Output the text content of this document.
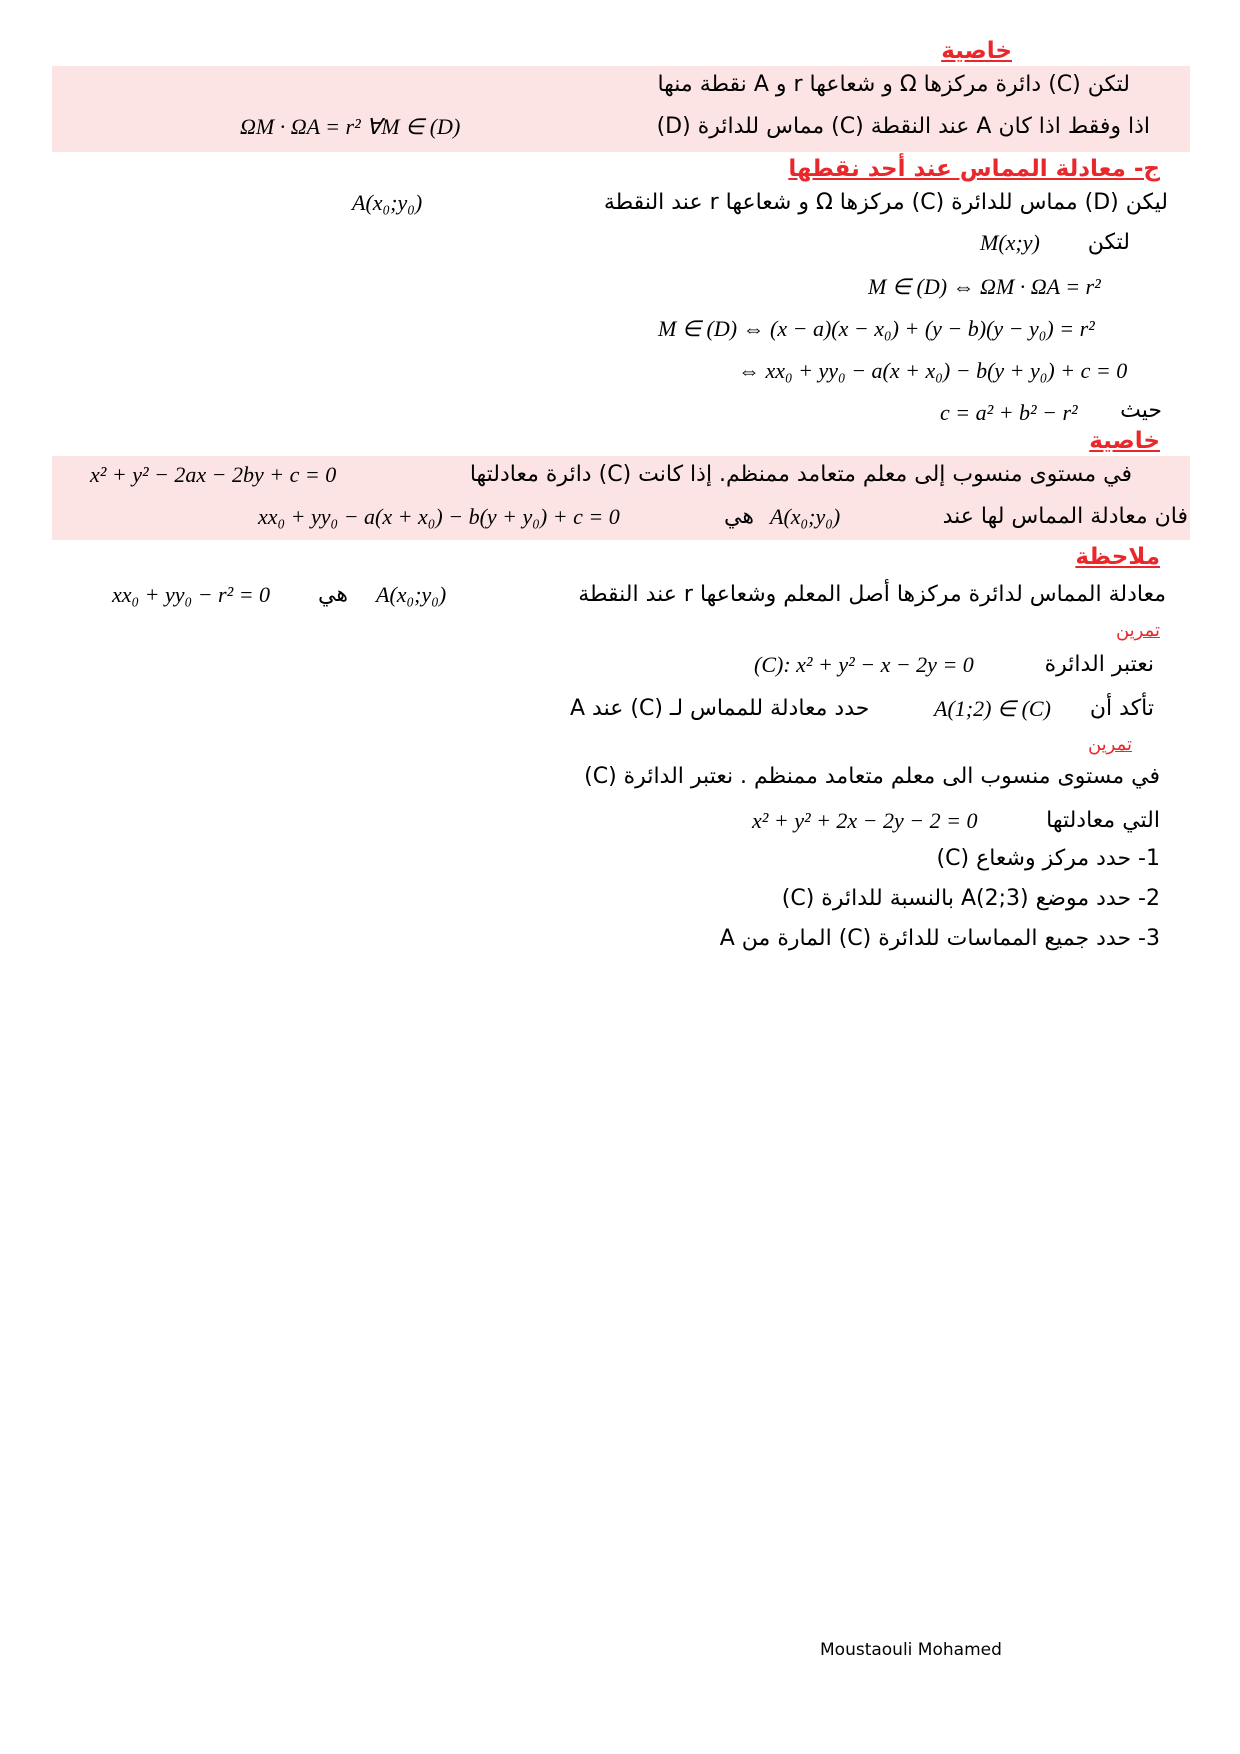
خاصية
لتكن (C) دائرة مركزها Ω و شعاعها r و A نقطة منها
(D) مماس للدائرة (C) عند النقطة A اذا وفقط اذا كان
ΩM · ΩA = r² ∀M ∈ (D)
ج- معادلة المماس عند أحد نقطها
ليكن (D) مماس للدائرة (C) مركزها Ω و شعاعها r عند النقطة
A(x₀;y₀)
لتكن
M(x;y)
M ∈ (D) ⇔ ΩM · ΩA = r²
M ∈ (D) ⇔ (x − a)(x − x₀) + (y − b)(y − y₀) = r²
⇔ xx₀ + yy₀ − a(x + x₀) − b(y + y₀) + c = 0
حيث
c = a² + b² − r²
خاصية
في مستوى منسوب إلى معلم متعامد ممنظم. إذا كانت (C) دائرة معادلتها
x² + y² − 2ax − 2by + c = 0
فان معادلة المماس لها عند
A(x₀;y₀)
هي
xx₀ + yy₀ − a(x + x₀) − b(y + y₀) + c = 0
ملاحظة
معادلة المماس لدائرة مركزها أصل المعلم وشعاعها r عند النقطة
A(x₀;y₀)
هي
xx₀ + yy₀ − r² = 0
تمرين
نعتبر الدائرة
(C): x² + y² − x − 2y = 0
تأكد أن
A(1;2) ∈ (C)
حدد معادلة للمماس لـ (C) عند A
تمرين
في مستوى منسوب الى معلم متعامد ممنظم . نعتبر الدائرة (C)
التي معادلتها
x² + y² + 2x − 2y − 2 = 0
1- حدد مركز وشعاع (C)
2- حدد موضع A(2;3) بالنسبة للدائرة (C)
3- حدد جميع المماسات للدائرة (C) المارة من A
Moustaouli Mohamed
